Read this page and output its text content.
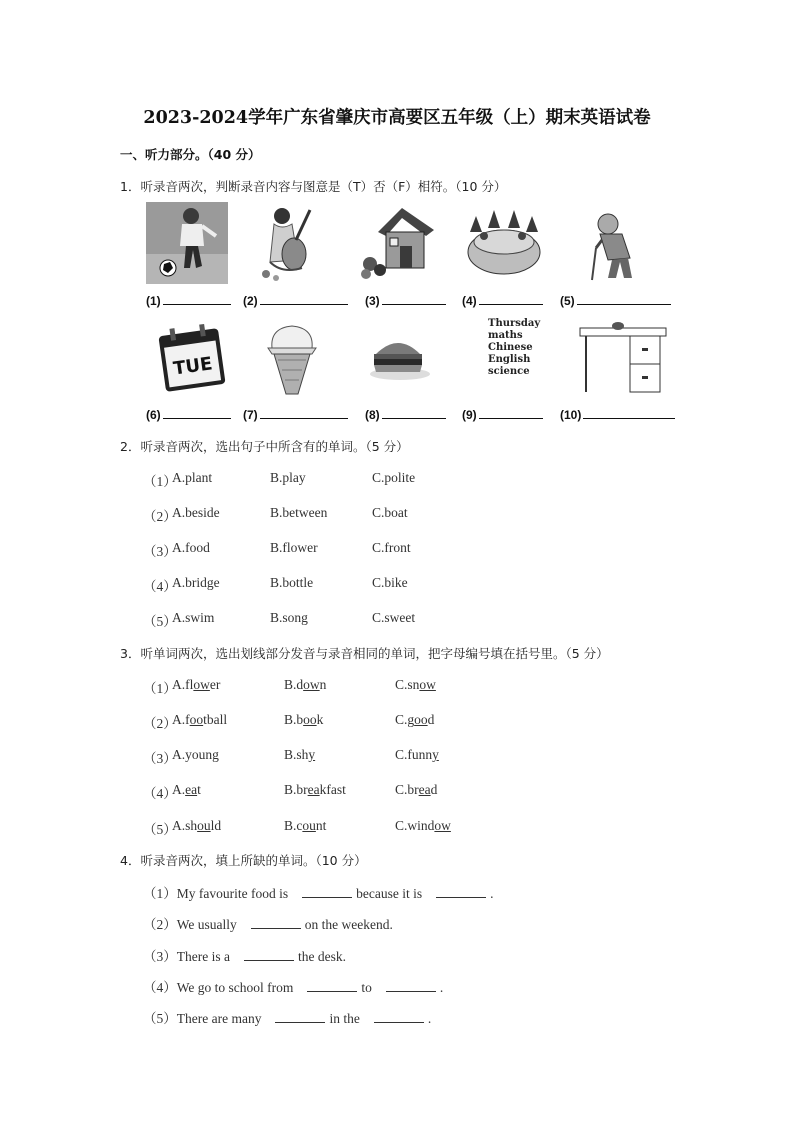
2023-2024学年广东省肇庆市高要区五年级（上）期末英语试卷
一、听力部分。（40 分）
1．听录音两次，判断录音内容与图意是（T）否（F）相符。（10 分）
(1)	(2)	(3)	(4)	(5)
TUE
Thursday
maths
Chinese
English
science
(6)	(7)	(8)	(9)	(10)
2．听录音两次，选出句子中所含有的单词。（5 分）
（1）
A.plant	B.play	C.polite
（2）
A.beside	B.between	C.boat
（3）
A.food	B.flower	C.front
（4）
A.bridge	B.bottle	C.bike
（5）
A.swim	B.song	C.sweet
3．听单词两次，选出划线部分发音与录音相同的单词，把字母编号填在括号里。（5 分）
（1）
A.flower	B.down	C.snow
（2）
A.football	B.book	C.good
（3）
A.young	B.shy	C.funny
（4）
A.eat	B.breakfast	C.bread
（5）
A.should	B.count	C.window
4．听录音两次，填上所缺的单词。（10 分）
（1）My favourite food is	because it is	.
（2）We usually	on the weekend.
（3）There is a	the desk.
（4）We go to school from	to	.
（5）There are many	in the	.
